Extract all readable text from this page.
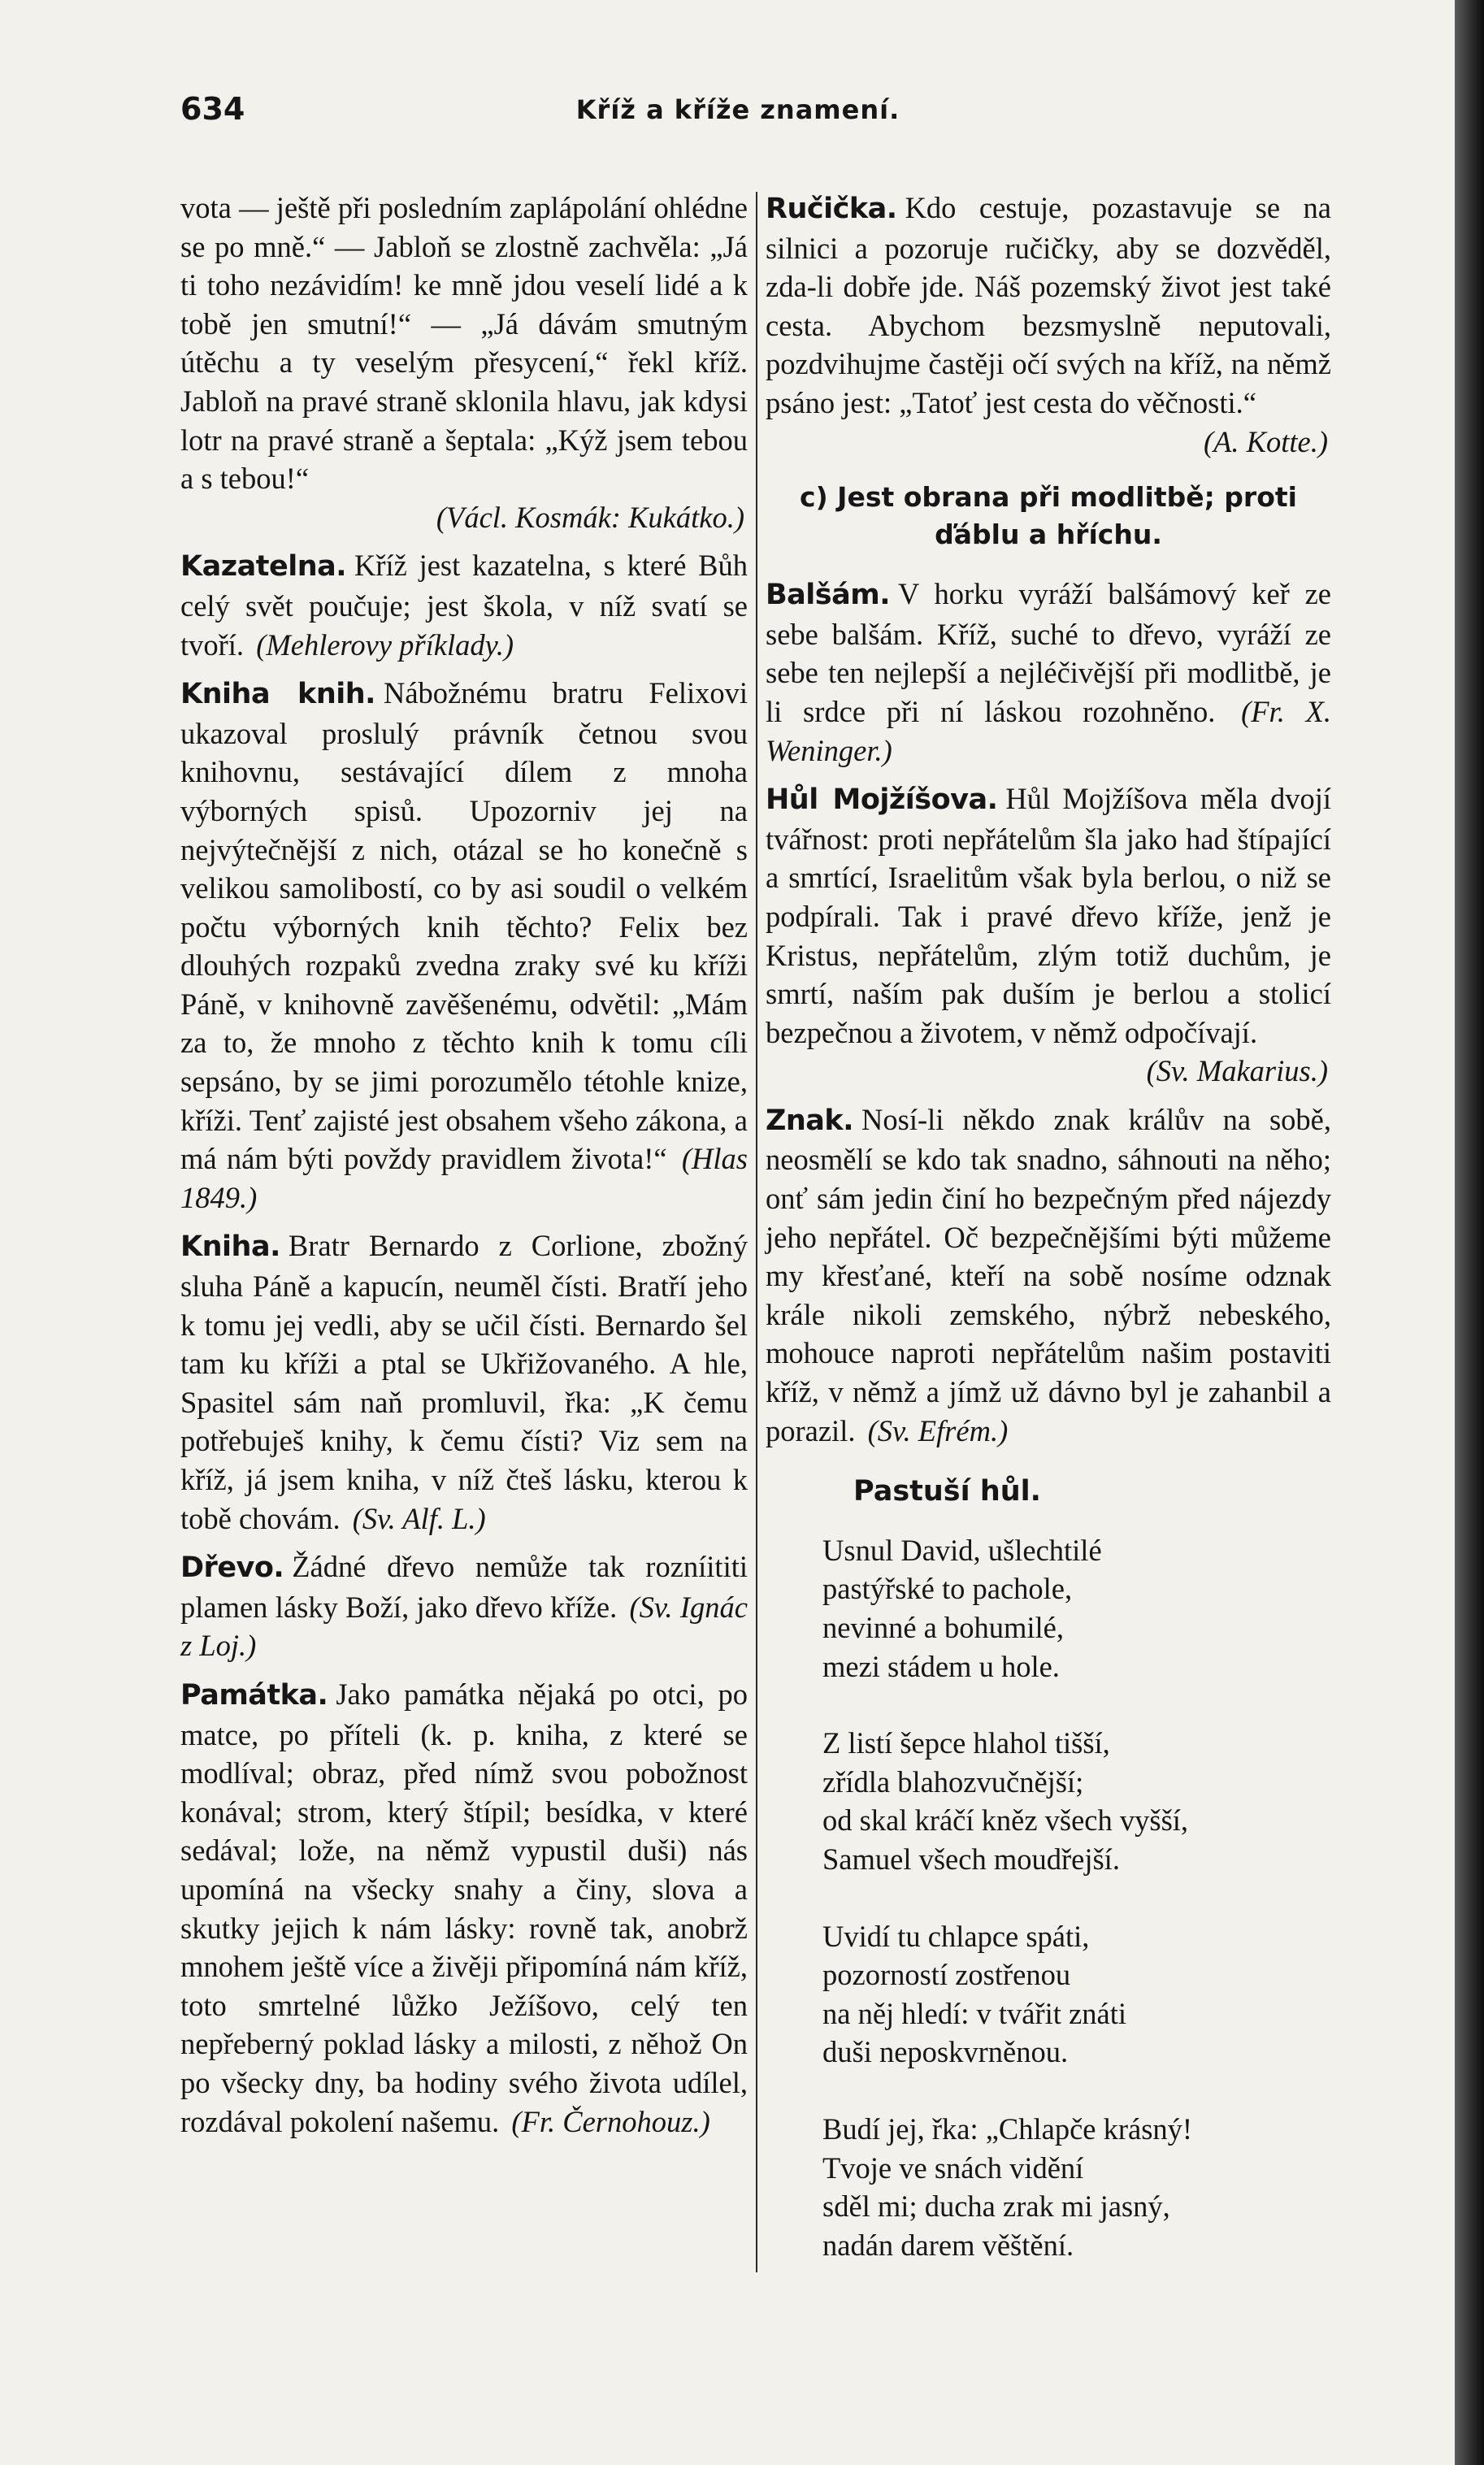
634	Kříž a kříže znamení.

vota — ještě při posledním zaplápolání ohlédne se po mně.“ — Jabloň se zlostně zachvěla: „Já ti toho nezávidím! ke mně jdou veselí lidé a k tobě jen smutní!“ — „Já dávám smutným útěchu a ty veselým přesycení,“ řekl kříž. Jabloň na pravé straně sklonila hlavu, jak kdysi lotr na pravé straně a šeptala: „Kýž jsem tebou a s tebou!“
(Václ. Kosmák: Kukátko.)

Kazatelna. Kříž jest kazatelna, s které Bůh celý svět poučuje; jest škola, v níž svatí se tvoří. (Mehlerovy příklady.)

Kniha knih. Nábožnému bratru Felixovi ukazoval proslulý právník četnou svou knihovnu, sestávající dílem z mnoha výborných spisů. Upozorniv jej na nejvýtečnější z nich, otázal se ho konečně s velikou samolibostí, co by asi soudil o velkém počtu výborných knih těchto? Felix bez dlouhých rozpaků zvedna zraky své ku kříži Páně, v knihovně zavěšenému, odvětil: „Mám za to, že mnoho z těchto knih k tomu cíli sepsáno, by se jimi porozumělo tétohle knize, kříži. Tenť zajisté jest obsahem všeho zákona, a má nám býti povždy pravidlem života!“ (Hlas 1849.)

Kniha. Bratr Bernardo z Corlione, zbožný sluha Páně a kapucín, neuměl čísti. Bratří jeho k tomu jej vedli, aby se učil čísti. Bernardo šel tam ku kříži a ptal se Ukřižovaného. A hle, Spasitel sám naň promluvil, řka: „K čemu potřebuješ knihy, k čemu čísti? Viz sem na kříž, já jsem kniha, v níž čteš lásku, kterou k tobě chovám. (Sv. Alf. L.)

Dřevo. Žádné dřevo nemůže tak rozníititi plamen lásky Boží, jako dřevo kříže. (Sv. Ignác z Loj.)

Památka. Jako památka nějaká po otci, po matce, po příteli (k. p. kniha, z které se modlíval; obraz, před nímž svou pobožnost konával; strom, který štípil; besídka, v které sedával; lože, na němž vypustil duši) nás upomíná na všecky snahy a činy, slova a skutky jejich k nám lásky: rovně tak, anobrž mnohem ještě více a živěji připomíná nám kříž, toto smrtelné lůžko Ježíšovo, celý ten nepřeberný poklad lásky a milosti, z něhož On po všecky dny, ba hodiny svého života udílel, rozdával pokolení našemu. (Fr. Černohouz.)

Ručička. Kdo cestuje, pozastavuje se na silnici a pozoruje ručičky, aby se dozvěděl, zda-li dobře jde. Náš pozemský život jest také cesta. Abychom bezsmyslně neputovali, pozdvihujme častěji očí svých na kříž, na němž psáno jest: „Tatoť jest cesta do věčnosti.“
(A. Kotte.)

c) Jest obrana při modlitbě; proti ďáblu a hříchu.

Balšám. V horku vyráží balšámový keř ze sebe balšám. Kříž, suché to dřevo, vyráží ze sebe ten nejlepší a nejléčivější při modlitbě, je li srdce při ní láskou rozohněno. (Fr. X. Weninger.)

Hůl Mojžíšova. Hůl Mojžíšova měla dvojí tvářnost: proti nepřátelům šla jako had štípající a smrtící, Israelitům však byla berlou, o niž se podpírali. Tak i pravé dřevo kříže, jenž je Kristus, nepřátelům, zlým totiž duchům, je smrtí, naším pak duším je berlou a stolicí bezpečnou a životem, v němž odpočívají.
(Sv. Makarius.)

Znak. Nosí-li někdo znak králův na sobě, neosmělí se kdo tak snadno, sáhnouti na něho; onť sám jedin činí ho bezpečným před nájezdy jeho nepřátel. Oč bezpečnějšími býti můžeme my křesťané, kteří na sobě nosíme odznak krále nikoli zemského, nýbrž nebeského, mohouce naproti nepřátelům našim postaviti kříž, v němž a jímž už dávno byl je zahanbil a porazil. (Sv. Efrém.)

Pastuší hůl.
Usnul David, ušlechtilé
pastýřské to pachole,
nevinné a bohumilé,
mezi stádem u hole.
Z listí šepce hlahol tišší,
zřídla blahozvučnější;
od skal kráčí kněz všech vyšší,
Samuel všech moudřejší.
Uvidí tu chlapce spáti,
pozorností zostřenou
na něj hledí: v tvářit znáti
duši neposkvrněnou.
Budí jej, řka: „Chlapče krásný!
Tvoje ve snách vidění
sděl mi; ducha zrak mi jasný,
nadán darem věštění.
